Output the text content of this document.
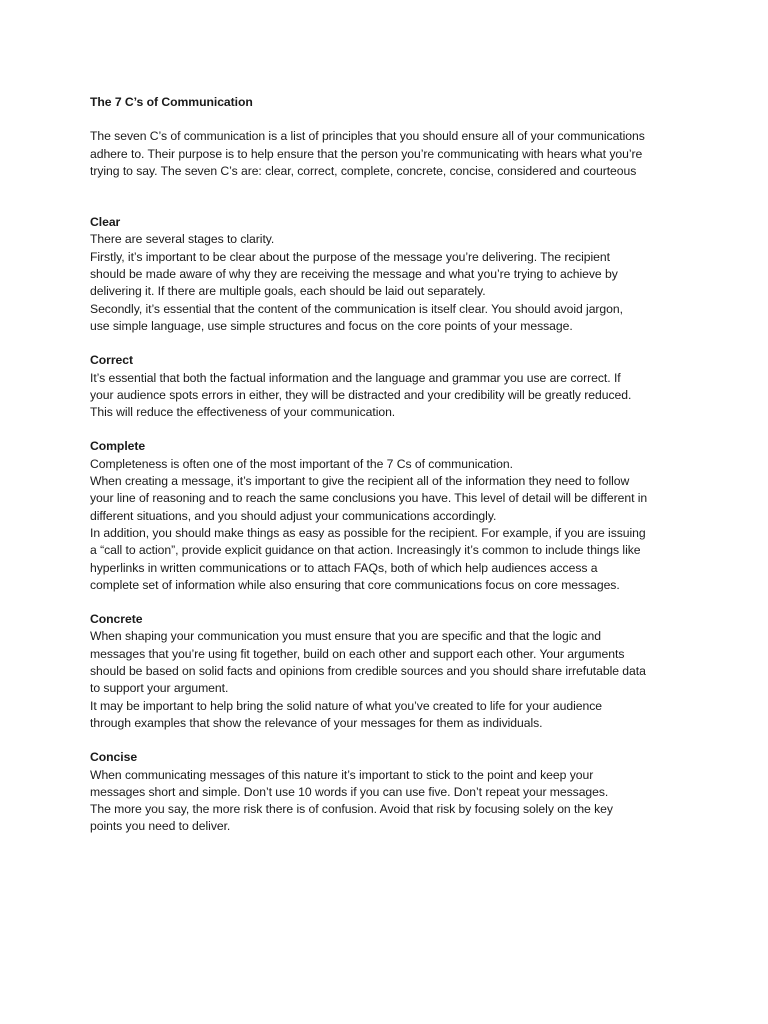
The 7 C’s of Communication

The seven C’s of communication is a list of principles that you should ensure all of your communications
adhere to. Their purpose is to help ensure that the person you’re communicating with hears what you’re
trying to say. The seven C’s are: clear, correct, complete, concrete, concise, considered and courteous

Clear
There are several stages to clarity.
Firstly, it’s important to be clear about the purpose of the message you’re delivering. The recipient
should be made aware of why they are receiving the message and what you’re trying to achieve by
delivering it. If there are multiple goals, each should be laid out separately.
Secondly, it’s essential that the content of the communication is itself clear. You should avoid jargon,
use simple language, use simple structures and focus on the core points of your message.
Correct
It’s essential that both the factual information and the language and grammar you use are correct. If
your audience spots errors in either, they will be distracted and your credibility will be greatly reduced.
This will reduce the effectiveness of your communication.
Complete
Completeness is often one of the most important of the 7 Cs of communication.
When creating a message, it’s important to give the recipient all of the information they need to follow
your line of reasoning and to reach the same conclusions you have. This level of detail will be different in
different situations, and you should adjust your communications accordingly.
In addition, you should make things as easy as possible for the recipient. For example, if you are issuing
a “call to action”, provide explicit guidance on that action. Increasingly it’s common to include things like
hyperlinks in written communications or to attach FAQs, both of which help audiences access a
complete set of information while also ensuring that core communications focus on core messages.
Concrete
When shaping your communication you must ensure that you are specific and that the logic and
messages that you’re using fit together, build on each other and support each other. Your arguments
should be based on solid facts and opinions from credible sources and you should share irrefutable data
to support your argument.
It may be important to help bring the solid nature of what you’ve created to life for your audience
through examples that show the relevance of your messages for them as individuals.
Concise
When communicating messages of this nature it’s important to stick to the point and keep your
messages short and simple. Don’t use 10 words if you can use five. Don’t repeat your messages.
The more you say, the more risk there is of confusion. Avoid that risk by focusing solely on the key
points you need to deliver.
